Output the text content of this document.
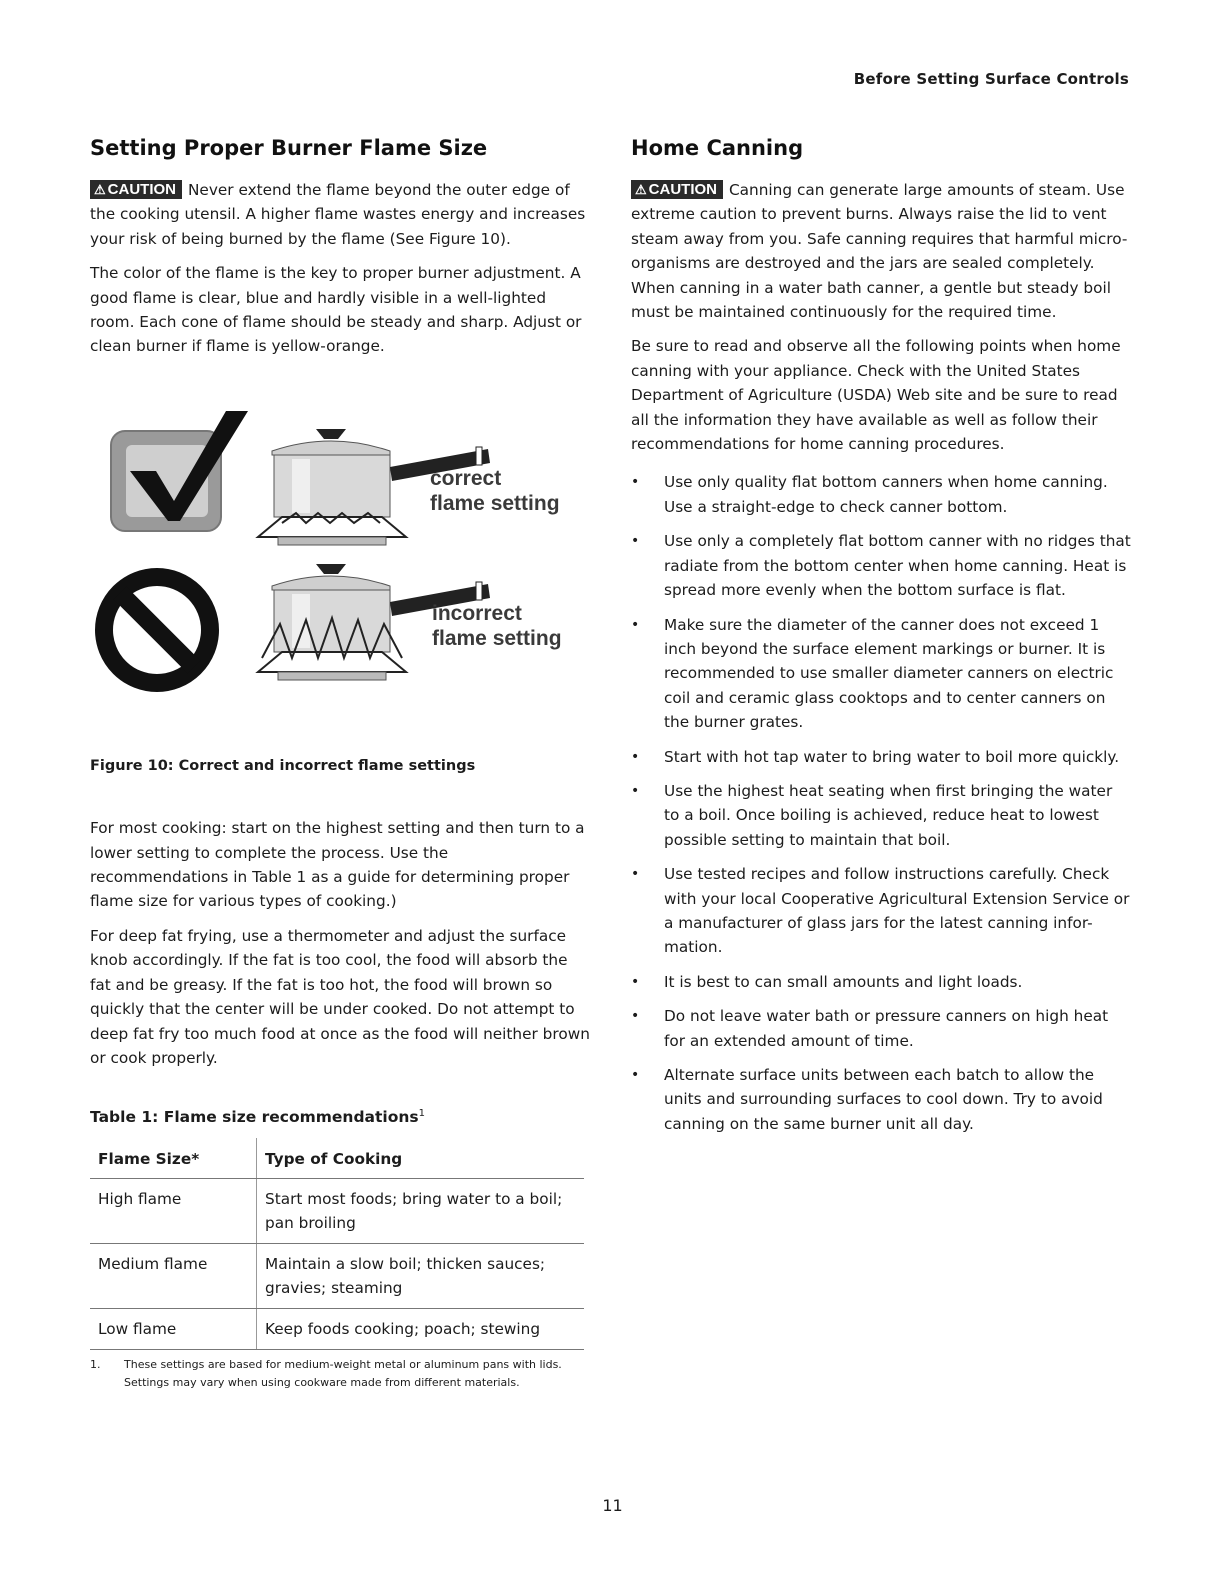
Before Setting Surface Controls
Setting Proper Burner Flame Size

⚠ CAUTION Never extend the flame beyond the outer edge of the cooking utensil. A higher flame wastes energy and increases your risk of being burned by the flame (See Figure 10).

The color of the flame is the key to proper burner adjustment. A good flame is clear, blue and hardly visible in a well-lighted room. Each cone of flame should be steady and sharp. Adjust or clean burner if flame is yellow-orange.

correct
flame setting
incorrect
flame setting

Figure 10: Correct and incorrect flame settings

For most cooking: start on the highest setting and then turn to a lower setting to complete the process. Use the recommendations in Table 1 as a guide for determining proper flame size for various types of cooking.)

For deep fat frying, use a thermometer and adjust the surface knob accordingly. If the fat is too cool, the food will absorb the fat and be greasy. If the fat is too hot, the food will brown so quickly that the center will be under cooked. Do not attempt to deep fat fry too much food at once as the food will neither brown or cook properly.

Table 1: Flame size recommendations$^1$
Flame Size*	Type of Cooking
High flame	Start most foods; bring water to a boil; pan broiling
Medium flame	Maintain a slow boil; thicken sauces; gravies; steaming
Low flame	Keep foods cooking; poach; stewing
1.	These settings are based for medium-weight metal or aluminum pans with lids. Settings may vary when using cookware made from different materials.
Home Canning

⚠ CAUTION Canning can generate large amounts of steam. Use extreme caution to prevent burns. Always raise the lid to vent steam away from you. Safe canning requires that harmful micro-organisms are destroyed and the jars are sealed completely. When canning in a water bath canner, a gentle but steady boil must be maintained continuously for the required time.

Be sure to read and observe all the following points when home canning with your appliance. Check with the United States Department of Agriculture (USDA) Web site and be sure to read all the information they have available as well as follow their recommendations for home canning procedures.

• Use only quality flat bottom canners when home canning. Use a straight-edge to check canner bottom.
• Use only a completely flat bottom canner with no ridges that radiate from the bottom center when home canning. Heat is spread more evenly when the bottom surface is flat.
• Make sure the diameter of the canner does not exceed 1 inch beyond the surface element markings or burner. It is recommended to use smaller diameter canners on electric coil and ceramic glass cooktops and to center canners on the burner grates.
• Start with hot tap water to bring water to boil more quickly.
• Use the highest heat seating when first bringing the water to a boil. Once boiling is achieved, reduce heat to lowest possible setting to maintain that boil.
• Use tested recipes and follow instructions carefully. Check with your local Cooperative Agricultural Extension Service or a manufacturer of glass jars for the latest canning infor-mation.
• It is best to can small amounts and light loads.
• Do not leave water bath or pressure canners on high heat for an extended amount of time.
• Alternate surface units between each batch to allow the units and surrounding surfaces to cool down. Try to avoid canning on the same burner unit all day.
11
